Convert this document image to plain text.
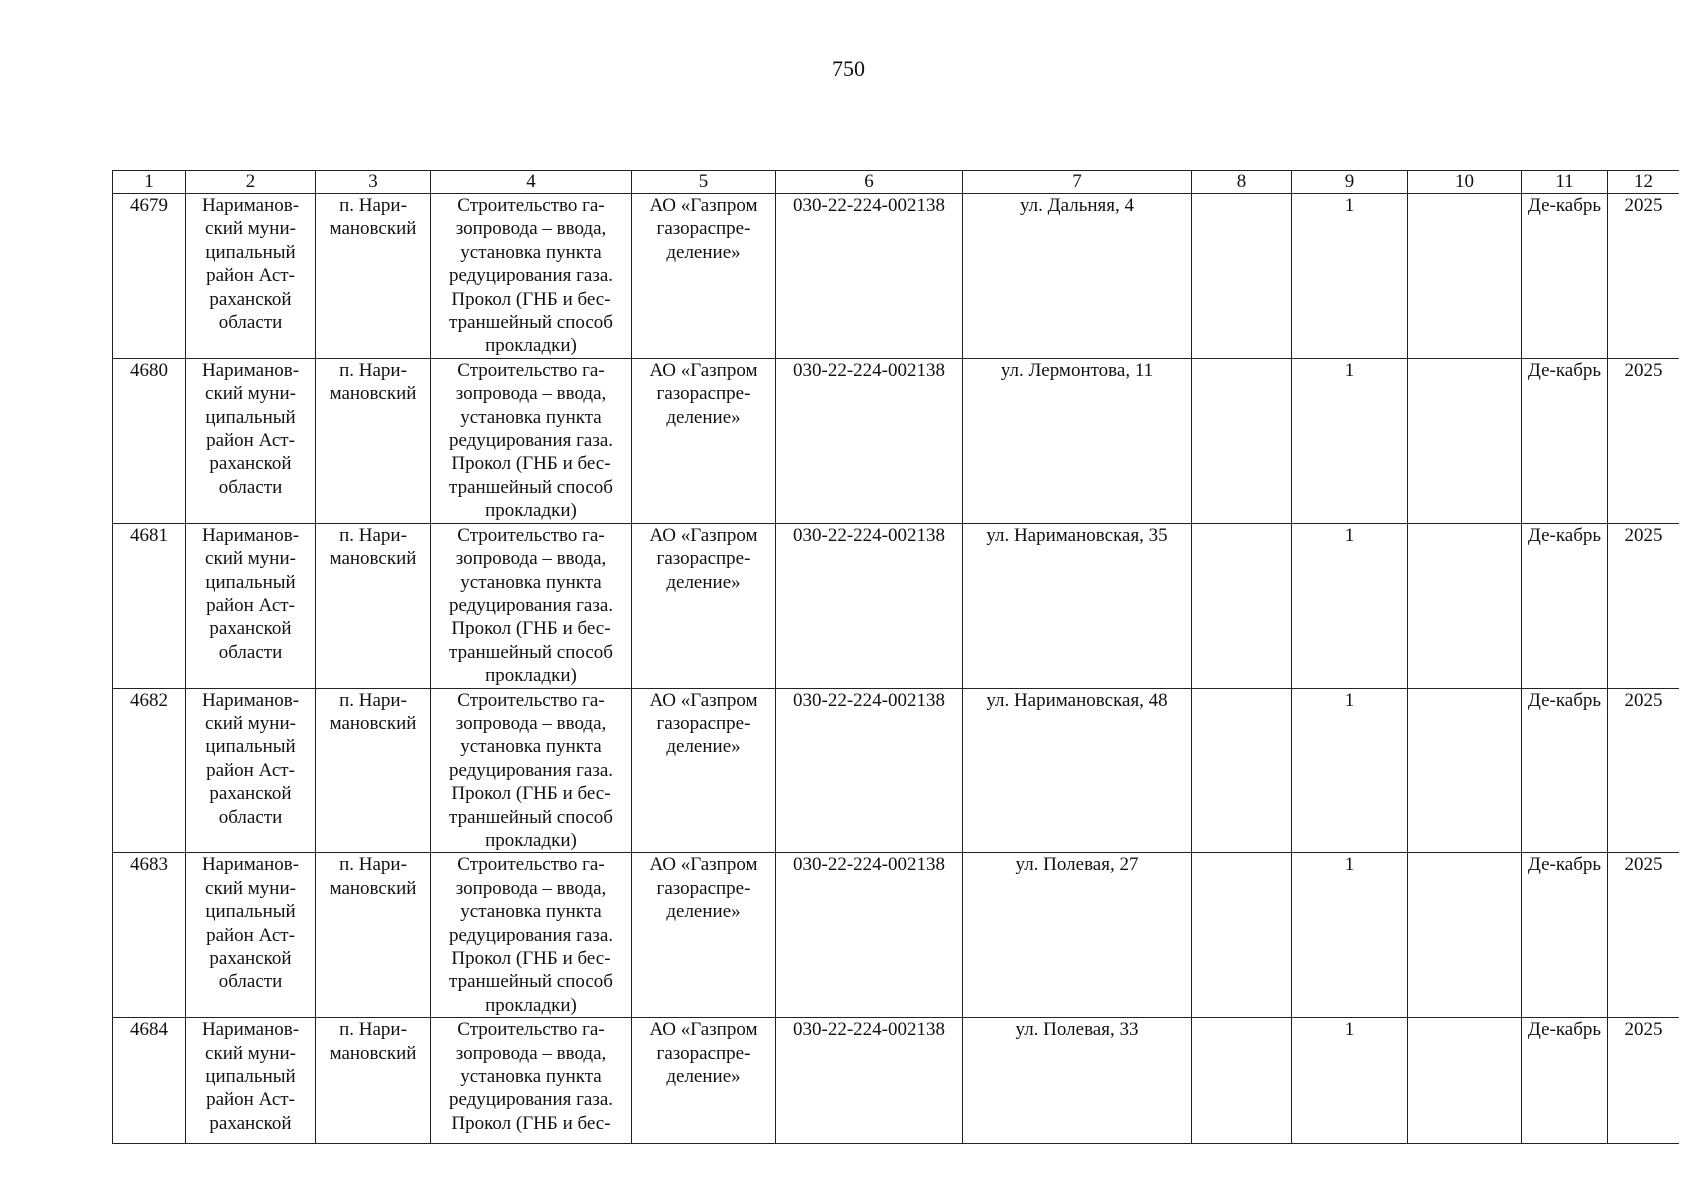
750
1	2	3	4	5	6	7	8	9	10	11	12
4679	Нариманов-ский муни-ципальный район Аст-раханской области	п. Нари-мановский	Строительство га-зопровода – ввода, установка пункта редуцирования газа. Прокол (ГНБ и бес-траншейный способ прокладки)	АО «Газпром газораспре-деление»	030-22-224-002138	ул. Дальняя, 4		1		Де-кабрь	2025
4680	Нариманов-ский муни-ципальный район Аст-раханской области	п. Нари-мановский	Строительство га-зопровода – ввода, установка пункта редуцирования газа. Прокол (ГНБ и бес-траншейный способ прокладки)	АО «Газпром газораспре-деление»	030-22-224-002138	ул. Лермонтова, 11		1		Де-кабрь	2025
4681	Нариманов-ский муни-ципальный район Аст-раханской области	п. Нари-мановский	Строительство га-зопровода – ввода, установка пункта редуцирования газа. Прокол (ГНБ и бес-траншейный способ прокладки)	АО «Газпром газораспре-деление»	030-22-224-002138	ул. Наримановская, 35		1		Де-кабрь	2025
4682	Нариманов-ский муни-ципальный район Аст-раханской области	п. Нари-мановский	Строительство га-зопровода – ввода, установка пункта редуцирования газа. Прокол (ГНБ и бес-траншейный способ прокладки)	АО «Газпром газораспре-деление»	030-22-224-002138	ул. Наримановская, 48		1		Де-кабрь	2025
4683	Нариманов-ский муни-ципальный район Аст-раханской области	п. Нари-мановский	Строительство га-зопровода – ввода, установка пункта редуцирования газа. Прокол (ГНБ и бес-траншейный способ прокладки)	АО «Газпром газораспре-деление»	030-22-224-002138	ул. Полевая, 27		1		Де-кабрь	2025
4684	Нариманов-ский муни-ципальный район Аст-раханской	п. Нари-мановский	Строительство га-зопровода – ввода, установка пункта редуцирования газа. Прокол (ГНБ и бес-	АО «Газпром газораспре-деление»	030-22-224-002138	ул. Полевая, 33		1		Де-кабрь	2025
